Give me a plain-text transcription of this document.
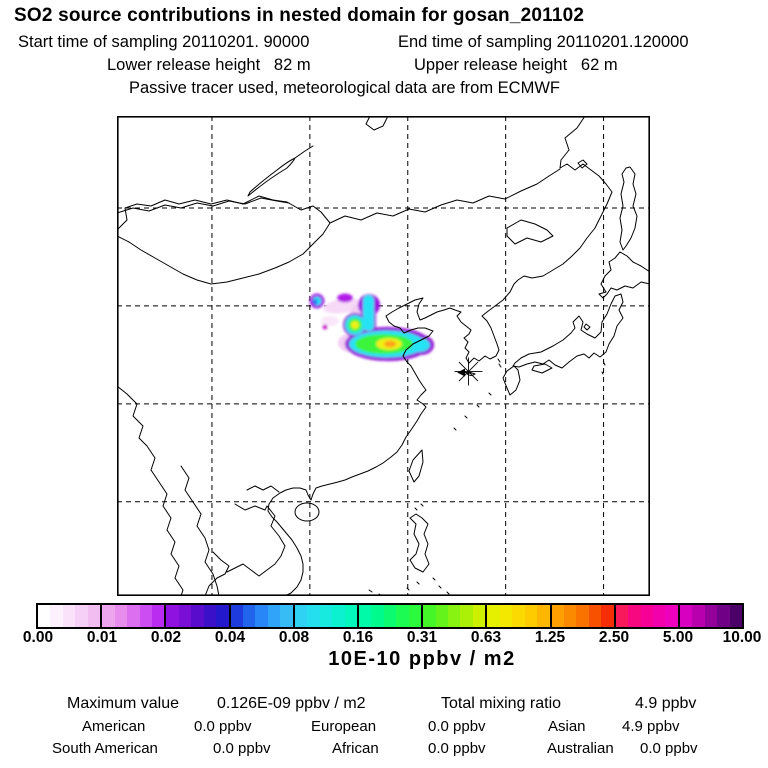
SO2 source contributions in nested domain for gosan_201102
Start time of sampling 20110201. 90000	End time of sampling 20110201.120000
Lower release height   82 m	Upper release height   62 m
Passive tracer used, meteorological data are from ECMWF
0.00 0.01 0.02 0.04 0.08 0.16 0.31 0.63 1.25 2.50 5.00 10.00
10E-10 ppbv / m2
Maximum value 0.126E-09 ppbv / m2	Total mixing ratio	4.9 ppbv
American	0.0 ppbv	European	0.0 ppbv	Asian 4.9 ppbv
South American	0.0 ppbv	African	0.0 ppbv	Australian 0.0 ppbv
